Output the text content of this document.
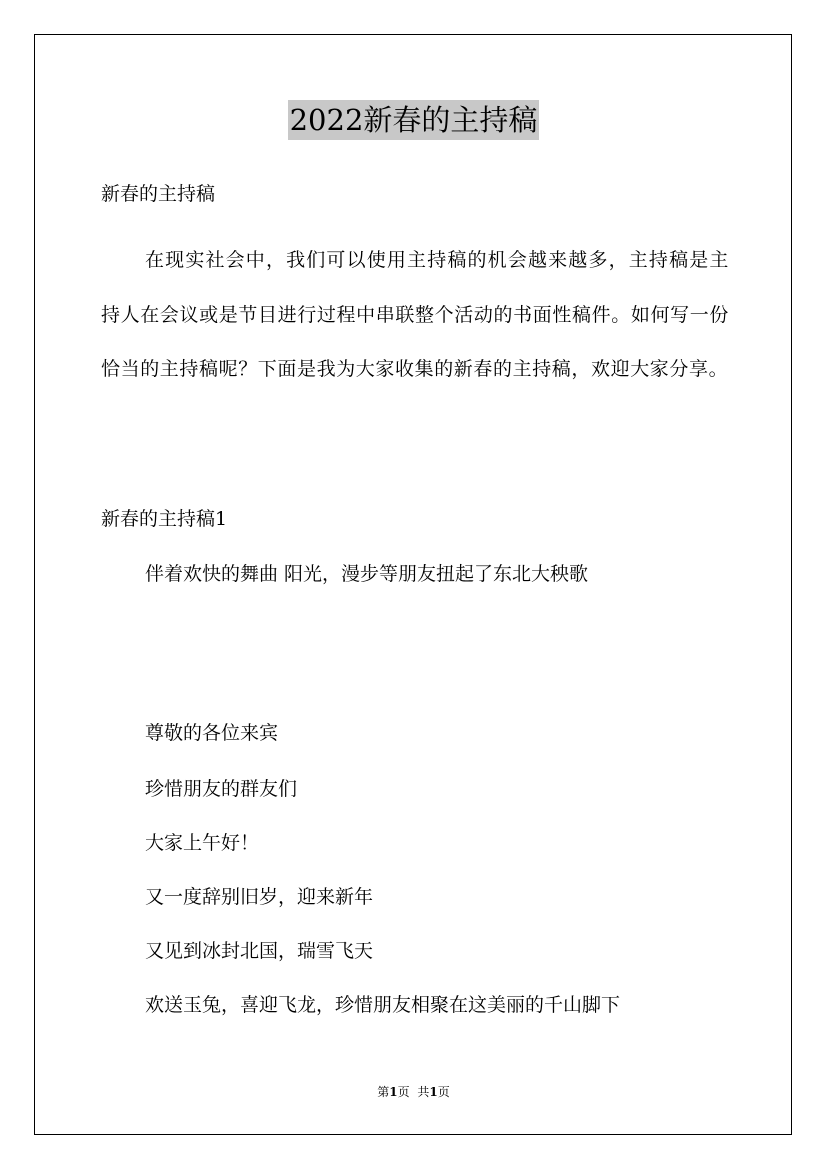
2022新春的主持稿
新春的主持稿
在现实社会中，我们可以使用主持稿的机会越来越多，主持稿是主持人在会议或是节目进行过程中串联整个活动的书面性稿件。如何写一份恰当的主持稿呢？下面是我为大家收集的新春的主持稿，欢迎大家分享。
新春的主持稿1
伴着欢快的舞曲 阳光，漫步等朋友扭起了东北大秧歌
尊敬的各位来宾
珍惜朋友的群友们
大家上午好！
又一度辞别旧岁，迎来新年
又见到冰封北国，瑞雪飞天
欢送玉兔，喜迎飞龙，珍惜朋友相聚在这美丽的千山脚下
第1页 共1页
